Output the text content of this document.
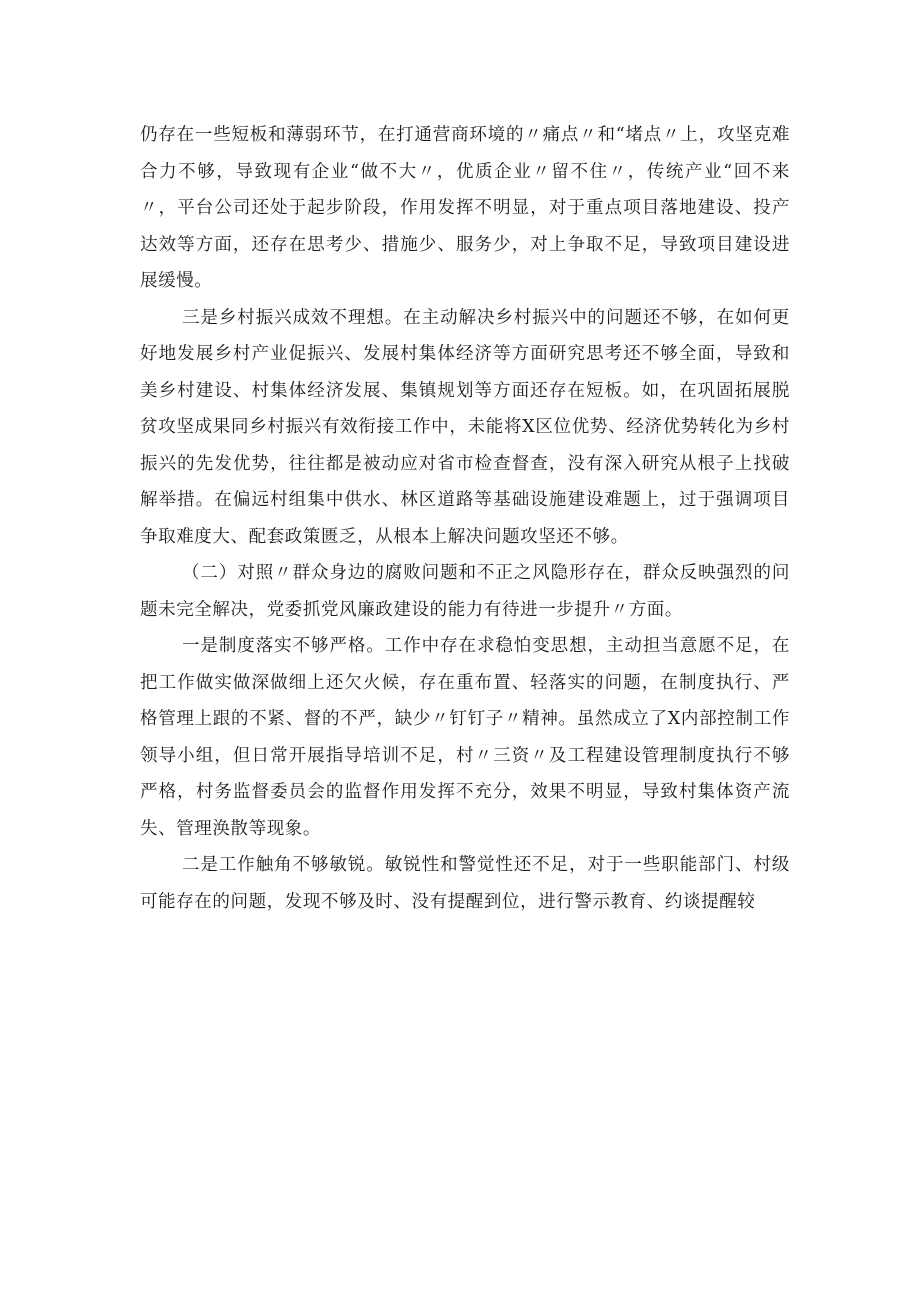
仍存在一些短板和薄弱环节，在打通营商环境的〃痛点〃和“堵点〃上，攻坚克难合力不够，导致现有企业“做不大〃，优质企业〃留不住〃，传统产业“回不来〃，平台公司还处于起步阶段，作用发挥不明显，对于重点项目落地建设、投产达效等方面，还存在思考少、措施少、服务少，对上争取不足，导致项目建设进展缓慢。

三是乡村振兴成效不理想。在主动解决乡村振兴中的问题还不够，在如何更好地发展乡村产业促振兴、发展村集体经济等方面研究思考还不够全面，导致和美乡村建设、村集体经济发展、集镇规划等方面还存在短板。如，在巩固拓展脱贫攻坚成果同乡村振兴有效衔接工作中，未能将X区位优势、经济优势转化为乡村振兴的先发优势，往往都是被动应对省市检查督查，没有深入研究从根子上找破解举措。在偏远村组集中供水、林区道路等基础设施建设难题上，过于强调项目争取难度大、配套政策匮乏，从根本上解决问题攻坚还不够。

（二）对照〃群众身边的腐败问题和不正之风隐形存在，群众反映强烈的问题未完全解决，党委抓党风廉政建设的能力有待进一步提升〃方面。

一是制度落实不够严格。工作中存在求稳怕变思想，主动担当意愿不足，在把工作做实做深做细上还欠火候，存在重布置、轻落实的问题，在制度执行、严格管理上跟的不紧、督的不严，缺少〃钉钉子〃精神。虽然成立了X内部控制工作领导小组，但日常开展指导培训不足，村〃三资〃及工程建设管理制度执行不够严格，村务监督委员会的监督作用发挥不充分，效果不明显，导致村集体资产流失、管理涣散等现象。

二是工作触角不够敏锐。敏锐性和警觉性还不足，对于一些职能部门、村级可能存在的问题，发现不够及时、没有提醒到位，进行警示教育、约谈提醒较
